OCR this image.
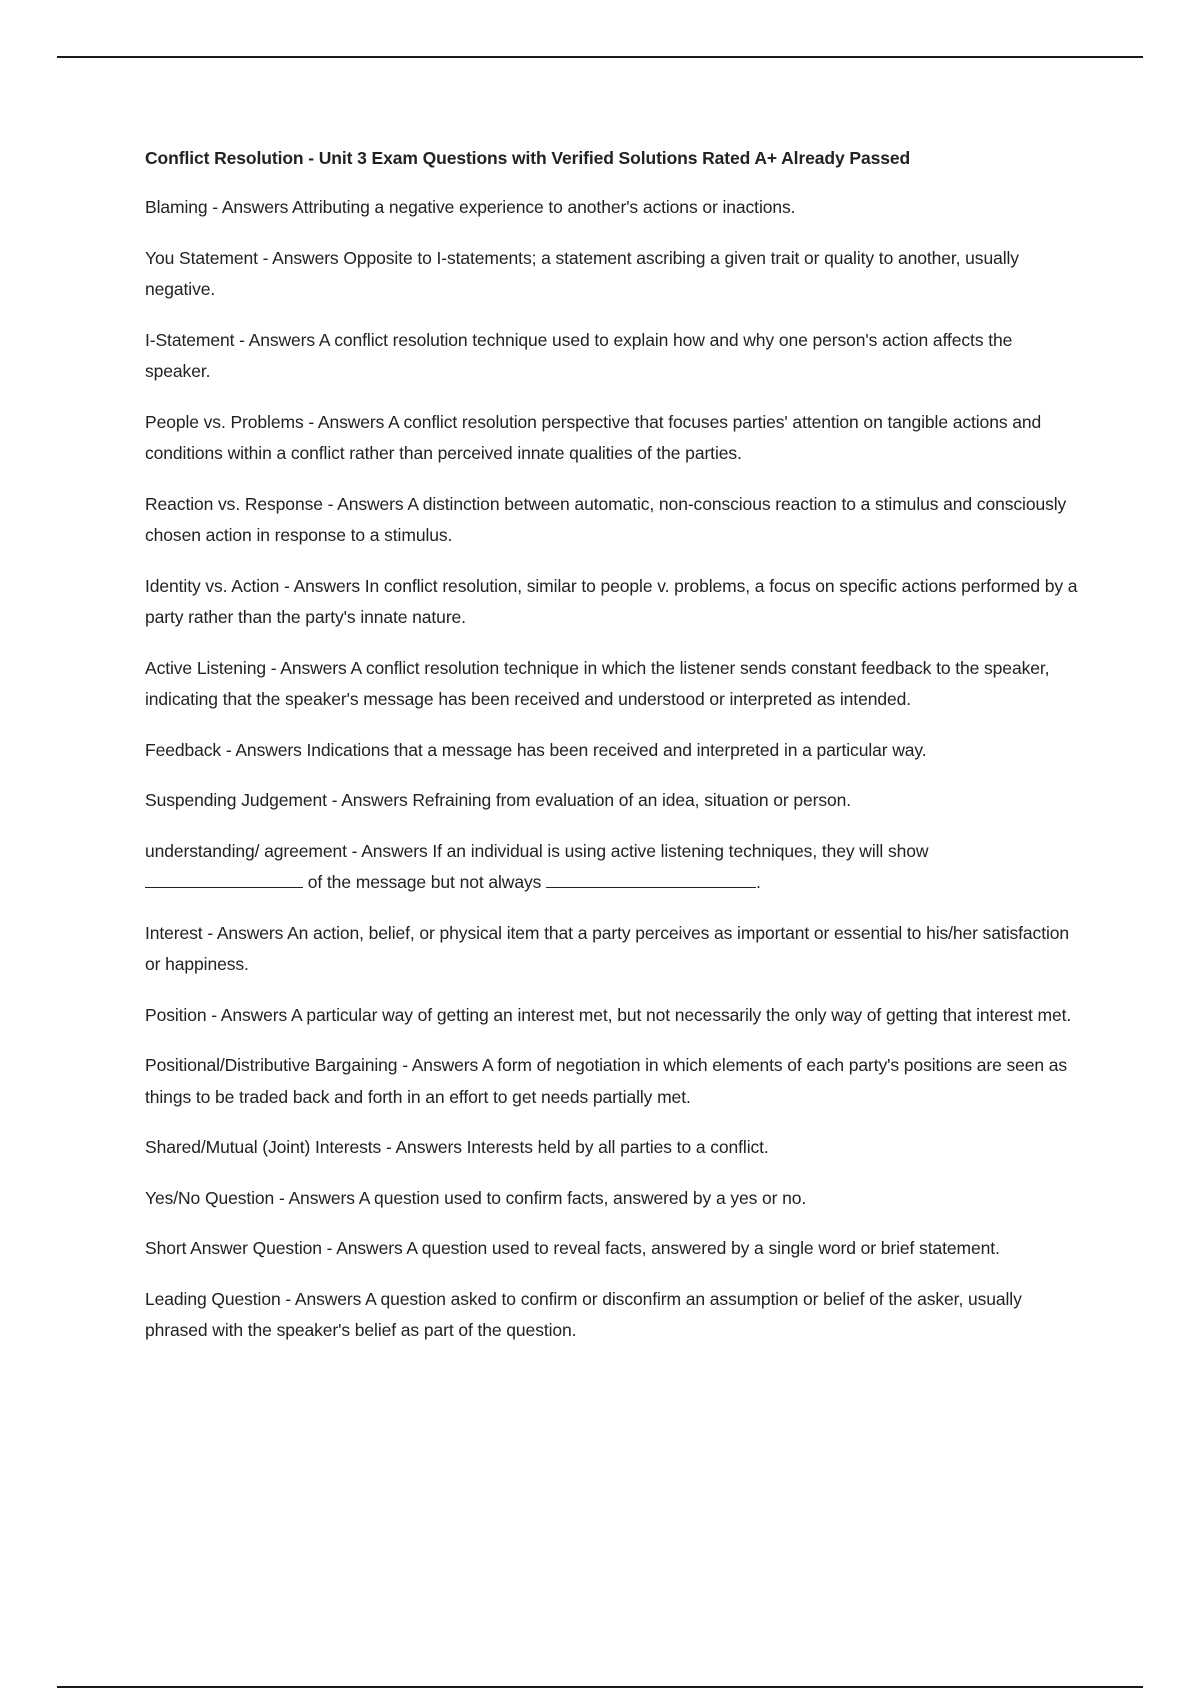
Conflict Resolution - Unit 3 Exam Questions with Verified Solutions Rated A+ Already Passed
Blaming - Answers Attributing a negative experience to another's actions or inactions.
You Statement - Answers Opposite to I-statements; a statement ascribing a given trait or quality to another, usually negative.
I-Statement - Answers A conflict resolution technique used to explain how and why one person's action affects the speaker.
People vs. Problems - Answers A conflict resolution perspective that focuses parties' attention on tangible actions and conditions within a conflict rather than perceived innate qualities of the parties.
Reaction vs. Response - Answers A distinction between automatic, non-conscious reaction to a stimulus and consciously chosen action in response to a stimulus.
Identity vs. Action - Answers In conflict resolution, similar to people v. problems, a focus on specific actions performed by a party rather than the party's innate nature.
Active Listening - Answers A conflict resolution technique in which the listener sends constant feedback to the speaker, indicating that the speaker's message has been received and understood or interpreted as intended.
Feedback - Answers Indications that a message has been received and interpreted in a particular way.
Suspending Judgement - Answers Refraining from evaluation of an idea, situation or person.
understanding/ agreement - Answers If an individual is using active listening techniques, they will show  of the message but not always	.
Interest - Answers An action, belief, or physical item that a party perceives as important or essential to his/her satisfaction or happiness.
Position - Answers A particular way of getting an interest met, but not necessarily the only way of getting that interest met.
Positional/Distributive Bargaining - Answers A form of negotiation in which elements of each party's positions are seen as things to be traded back and forth in an effort to get needs partially met.
Shared/Mutual (Joint) Interests - Answers Interests held by all parties to a conflict.
Yes/No Question - Answers A question used to confirm facts, answered by a yes or no.
Short Answer Question - Answers A question used to reveal facts, answered by a single word or brief statement.
Leading Question - Answers A question asked to confirm or disconfirm an assumption or belief of the asker, usually phrased with the speaker's belief as part of the question.
